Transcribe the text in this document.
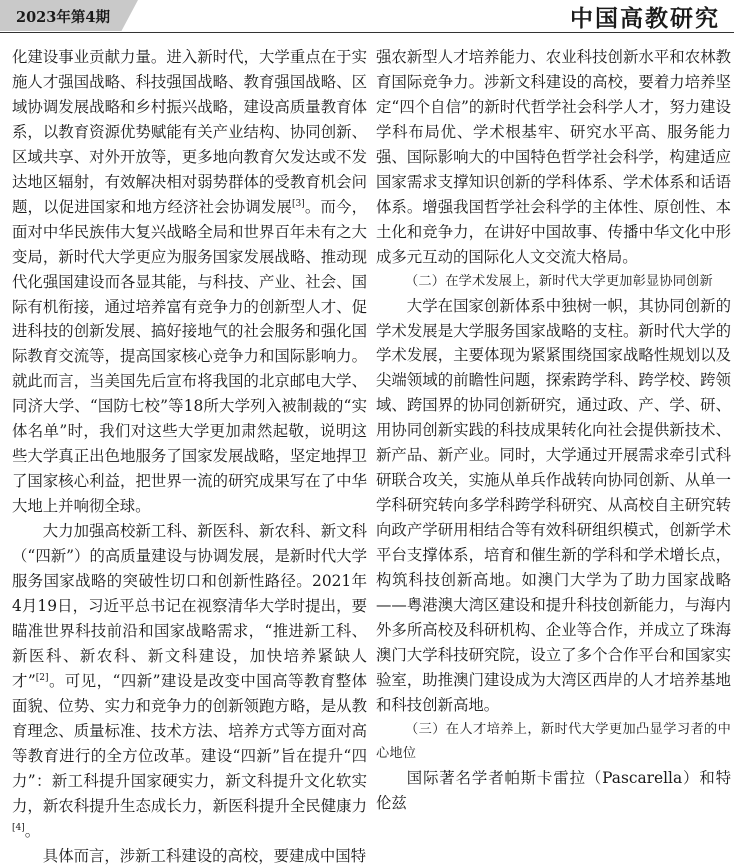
2023年第4期	中国高教研究

化建设事业贡献力量。进入新时代，大学重点在于实施人才强国战略、科技强国战略、教育强国战略、区域协调发展战略和乡村振兴战略，建设高质量教育体系，以教育资源优势赋能有关产业结构、协同创新、区域共享、对外开放等，更多地向教育欠发达或不发达地区辐射，有效解决相对弱势群体的受教育机会问题，以促进国家和地方经济社会协调发展[3]。而今，面对中华民族伟大复兴战略全局和世界百年未有之大变局，新时代大学更应为服务国家发展战略、推动现代化强国建设而各显其能，与科技、产业、社会、国际有机衔接，通过培养富有竞争力的创新型人才、促进科技的创新发展、搞好接地气的社会服务和强化国际教育交流等，提高国家核心竞争力和国际影响力。就此而言，当美国先后宣布将我国的北京邮电大学、同济大学、“国防七校”等18所大学列入被制裁的“实体名单”时，我们对这些大学更加肃然起敬，说明这些大学真正出色地服务了国家发展战略，坚定地捍卫了国家核心利益，把世界一流的研究成果写在了中华大地上并响彻全球。

大力加强高校新工科、新医科、新农科、新文科（“四新”）的高质量建设与协调发展，是新时代大学服务国家战略的突破性切口和创新性路径。2021年4月19日，习近平总书记在视察清华大学时提出，要瞄准世界科技前沿和国家战略需求，“推进新工科、新医科、新农科、新文科建设，加快培养紧缺人才”[2]。可见，“四新”建设是改变中国高等教育整体面貌、位势、实力和竞争力的创新领跑方略，是从教育理念、质量标准、技术方法、培养方式等方面对高等教育进行的全方位改革。建设“四新”旨在提升“四力”：新工科提升国家硬实力，新文科提升文化软实力，新农科提升生态成长力，新医科提升全民健康力[4]。

具体而言，涉新工科建设的高校，要建成中国特

强农新型人才培养能力、农业科技创新水平和农林教育国际竞争力。涉新文科建设的高校，要着力培养坚定“四个自信”的新时代哲学社会科学人才，努力建设学科布局优、学术根基牢、研究水平高、服务能力强、国际影响大的中国特色哲学社会科学，构建适应国家需求支撑知识创新的学科体系、学术体系和话语体系。增强我国哲学社会科学的主体性、原创性、本土化和竞争力，在讲好中国故事、传播中华文化中形成多元互动的国际化人文交流大格局。

（二）在学术发展上，新时代大学更加彰显协同创新

大学在国家创新体系中独树一帜，其协同创新的学术发展是大学服务国家战略的支柱。新时代大学的学术发展，主要体现为紧紧围绕国家战略性规划以及尖端领域的前瞻性问题，探索跨学科、跨学校、跨领域、跨国界的协同创新研究，通过政、产、学、研、用协同创新实践的科技成果转化向社会提供新技术、新产品、新产业。同时，大学通过开展需求牵引式科研联合攻关，实施从单兵作战转向协同创新、从单一学科研究转向多学科跨学科研究、从高校自主研究转向政产学研用相结合等有效科研组织模式，创新学术平台支撑体系，培育和催生新的学科和学术增长点，构筑科技创新高地。如澳门大学为了助力国家战略——粤港澳大湾区建设和提升科技创新能力，与海内外多所高校及科研机构、企业等合作，并成立了珠海澳门大学科技研究院，设立了多个合作平台和国家实验室，助推澳门建设成为大湾区西岸的人才培养基地和科技创新高地。

（三）在人才培养上，新时代大学更加凸显学习者的中心地位

国际著名学者帕斯卡雷拉（Pascarella）和特伦兹
